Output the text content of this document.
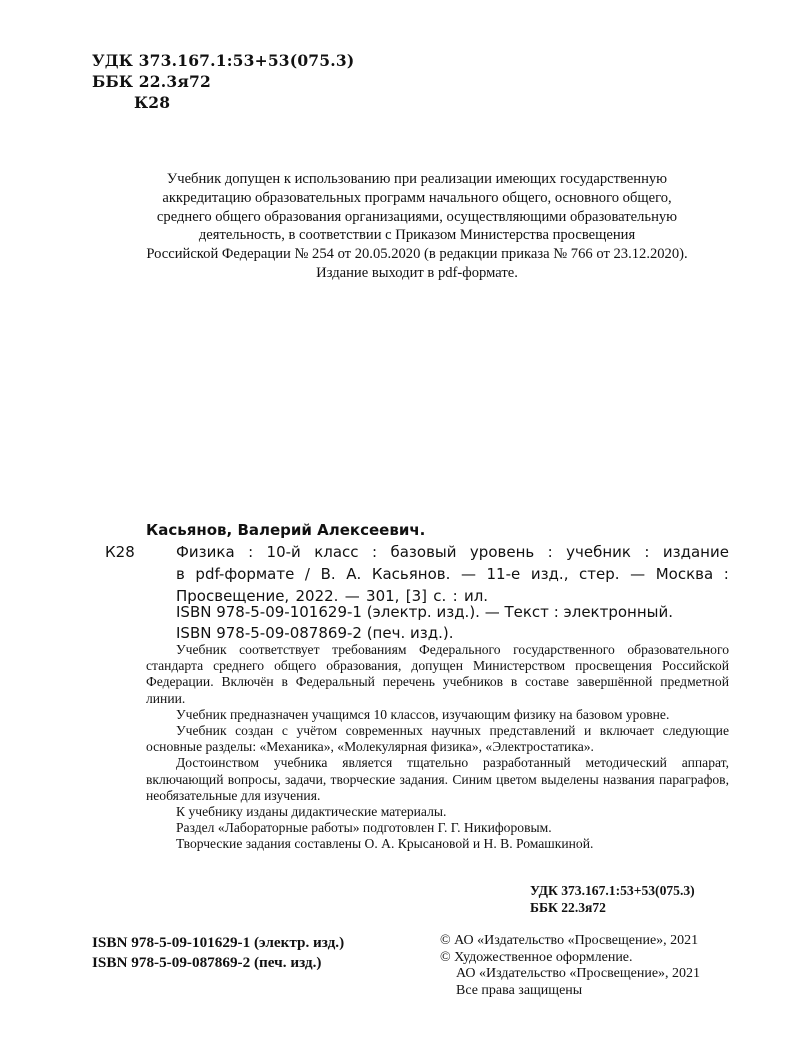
УДК 373.167.1:53+53(075.3)
ББК 22.3я72
К28
Учебник допущен к использованию при реализации имеющих государственную
аккредитацию образовательных программ начального общего, основного общего,
среднего общего образования организациями, осуществляющими образовательную
деятельность, в соответствии с Приказом Министерства просвещения
Российской Федерации № 254 от 20.05.2020 (в редакции приказа № 766 от 23.12.2020).
Издание выходит в pdf-формате.
Касьянов, Валерий Алексеевич.
К28	Физика : 10-й класс : базовый уровень : учебник : издание
в pdf-формате / В. А. Касьянов. — 11-е изд., стер. — Москва :
Просвещение, 2022. — 301, [3] с. : ил.
ISBN 978-5-09-101629-1 (электр. изд.). — Текст : электронный.
ISBN 978-5-09-087869-2 (печ. изд.).

Учебник соответствует требованиям Федерального государственного образовательного стандарта среднего общего образования, допущен Министерством просвещения Российской Федерации. Включён в Федеральный перечень учебников в составе завершённой предметной линии.

Учебник предназначен учащимся 10 классов, изучающим физику на базовом уровне.

Учебник создан с учётом современных научных представлений и включает следующие основные разделы: «Механика», «Молекулярная физика», «Электростатика».

Достоинством учебника является тщательно разработанный методический аппарат, включающий вопросы, задачи, творческие задания. Синим цветом выделены названия параграфов, необязательные для изучения.

К учебнику изданы дидактические материалы.

Раздел «Лабораторные работы» подготовлен Г. Г. Никифоровым.

Творческие задания составлены О. А. Крысановой и Н. В. Ромашкиной.

УДК 373.167.1:53+53(075.3)
ББК 22.3я72
ISBN 978-5-09-101629-1 (электр. изд.)
ISBN 978-5-09-087869-2 (печ. изд.)
© АО «Издательство «Просвещение», 2021
© Художественное оформление.
АО «Издательство «Просвещение», 2021
Все права защищены
